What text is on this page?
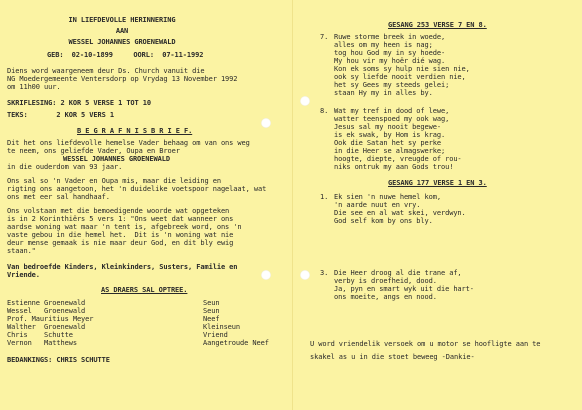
IN LIEFDEVOLLE HERINNERING
AAN
WESSEL JOHANNES GROENEWALD
GEB:  02-10-1899     OORL:  07-11-1992
Diens word waargeneem deur Ds. Church vanuit die
NG Moedergemeente Ventersdorp op Vrydag 13 November 1992
om 11h00 uur.
SKRIFLESING: 2 KOR 5 VERSE 1 TOT 10
TEKS:       2 KOR 5 VERS 1
B E G R A F N I S B R I E F.
Dit het ons liefdevolle hemelse Vader behaag om van ons weg
te neem, ons geliefde Vader, Oupa en Broer
WESSEL JOHANNES GROENEWALD
in die ouderdom van 93 jaar.
Ons sal so 'n Vader en Oupa mis, maar die leiding en
rigting ons aangetoon, het 'n duidelike voetspoor nagelaat, wat
ons met eer sal handhaaf.
Ons volstaan met die bemoedigende woorde wat opgeteken
is in 2 Korinthiërs 5 vers 1: "Ons weet dat wanneer ons
aardse woning wat maar 'n tent is, afgebreek word, ons 'n
vaste gebou in die hemel het.  Dit is 'n woning wat nie
deur mense gemaak is nie maar deur God, en dit bly ewig
staan."
Van bedroefde Kinders, Kleinkinders, Susters, Familie en
Vriende.
AS DRAERS SAL OPTREE.
Estienne Groenewald	Seun
Wessel   Groenewald	Seun
Prof. Mauritius Meyer	Neef
Walther  Groenewald	Kleinseun
Chris    Schutte	Vriend
Vernon   Matthews	Aangetroude Neef
BEDANKINGS: CHRIS SCHUTTE
GESANG 253 VERSE 7 EN 8.
7. Ruwe storme breek in woede,
alles om my heen is nag;
tog hou God my in sy hoede-
My hou vir my hoër dié wag.
Kon ek soms sy hulp nie sien nie,
ook sy liefde nooit verdien nie,
het sy Gees my steeds gelei;
staan Hy my in alles by.
8. Wat my tref in dood of lewe,
watter teenspoed my ook wag,
Jesus sal my nooit begewe-
is ek swak, by Hom is krag.
Ook die Satan het sy perke
in die Heer se almagswerke;
hoogte, diepte, vreugde of rou-
niks ontruk my aan Gods trou!
GESANG 177 VERSE 1 EN 3.
1. Ek sien 'n nuwe hemel kom,
'n aarde nuut en vry.
Die see en al wat skei, verdwyn.
God self kom by ons bly.
3. Die Heer droog al die trane af,
verby is droefheid, dood.
Ja, pyn en smart wyk uit die hart-
ons moeite, angs en nood.
U word vriendelik versoek om u motor se hoofligte aan te
skakel as u in die stoet beweeg -Dankie-
